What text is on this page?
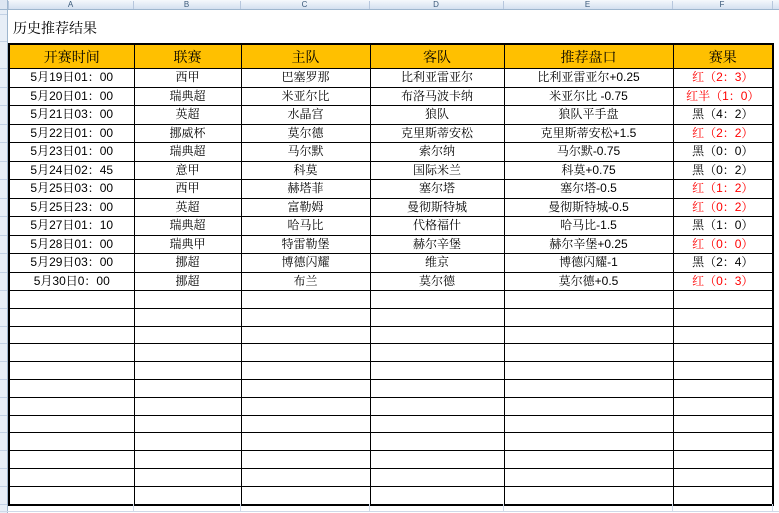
A	B	C	D	E	F
历史推荐结果
开赛时间	联赛	主队	客队	推荐盘口	赛果
5月19日01：00	西甲	巴塞罗那	比利亚雷亚尔	比利亚雷亚尔+0.25	红（2：3）
5月20日01：00	瑞典超	米亚尔比	布洛马波卡纳	米亚尔比 -0.75	红半（1：0）
5月21日03：00	英超	水晶宫	狼队	狼队平手盘	黑（4：2）
5月22日01：00	挪威杯	莫尔德	克里斯蒂安松	克里斯蒂安松+1.5	红（2：2）
5月23日01：00	瑞典超	马尔默	索尔纳	马尔默-0.75	黑（0：0）
5月24日02：45	意甲	科莫	国际米兰	科莫+0.75	黑（0：2）
5月25日03：00	西甲	赫塔菲	塞尔塔	塞尔塔-0.5	红（1：2）
5月25日23：00	英超	富勒姆	曼彻斯特城	曼彻斯特城-0.5	红（0：2）
5月27日01：10	瑞典超	哈马比	代格福什	哈马比-1.5	黑（1：0）
5月28日01：00	瑞典甲	特雷勒堡	赫尔辛堡	赫尔辛堡+0.25	红（0：0）
5月29日03：00	挪超	博德闪耀	维京	博德闪耀-1	黑（2：4）
5月30日0：00	挪超	布兰	莫尔德	莫尔德+0.5	红（0：3）
